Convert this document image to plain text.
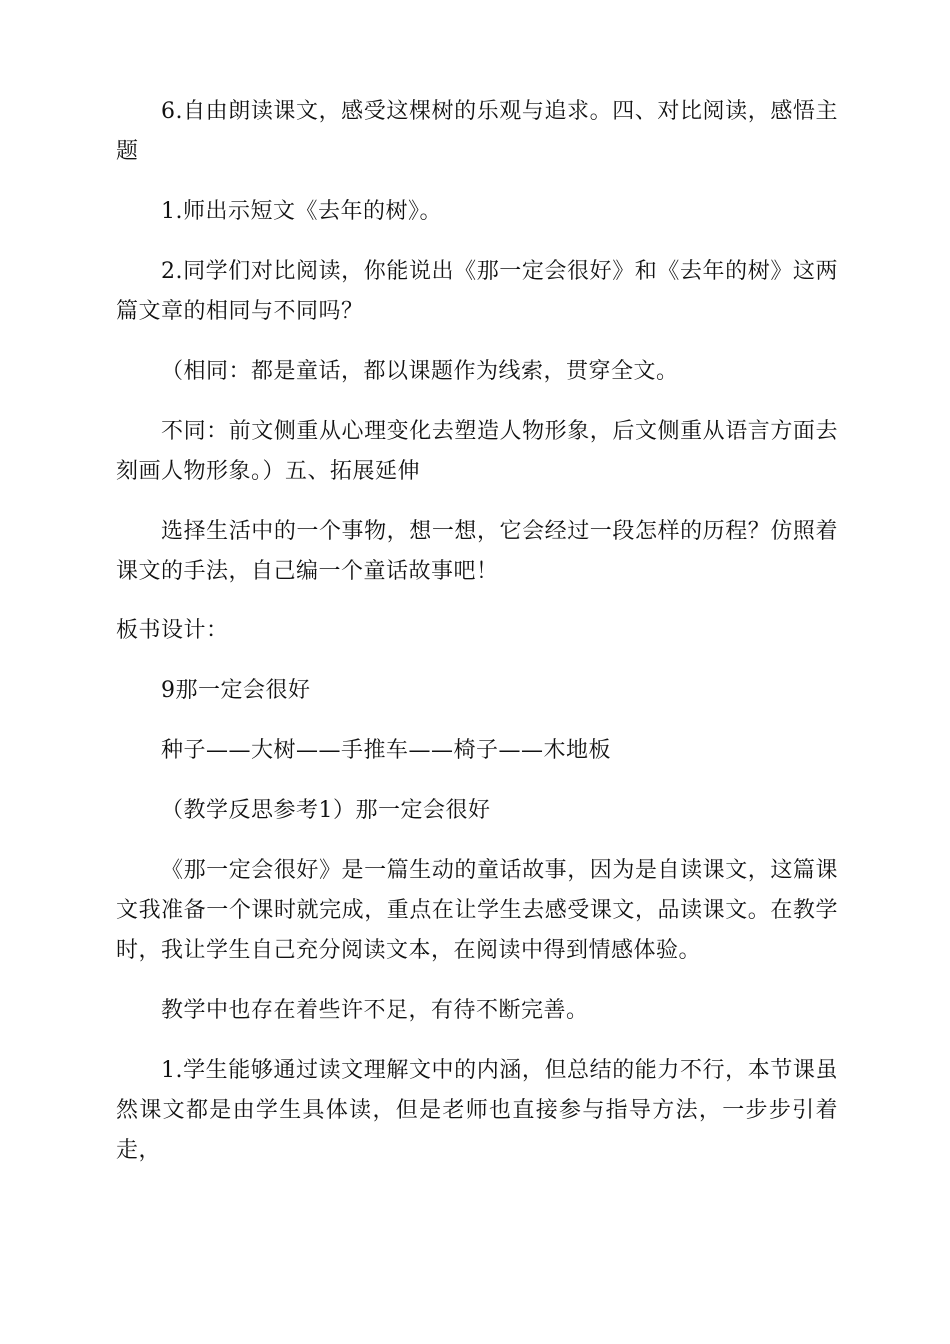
6.自由朗读课文，感受这棵树的乐观与追求。四、对比阅读，感悟主题

1.师出示短文《去年的树》。

2.同学们对比阅读，你能说出《那一定会很好》和《去年的树》这两篇文章的相同与不同吗？

（相同：都是童话，都以课题作为线索，贯穿全文。

不同：前文侧重从心理变化去塑造人物形象，后文侧重从语言方面去刻画人物形象。）五、拓展延伸

选择生活中的一个事物，想一想，它会经过一段怎样的历程？仿照着课文的手法，自己编一个童话故事吧！

板书设计：

9那一定会很好

种子——大树——手推车——椅子——木地板

（教学反思参考1）那一定会很好

《那一定会很好》是一篇生动的童话故事，因为是自读课文，这篇课文我准备一个课时就完成，重点在让学生去感受课文，品读课文。在教学时，我让学生自己充分阅读文本，在阅读中得到情感体验。

教学中也存在着些许不足，有待不断完善。

1.学生能够通过读文理解文中的内涵，但总结的能力不行，本节课虽然课文都是由学生具体读，但是老师也直接参与指导方法，一步步引着走，
